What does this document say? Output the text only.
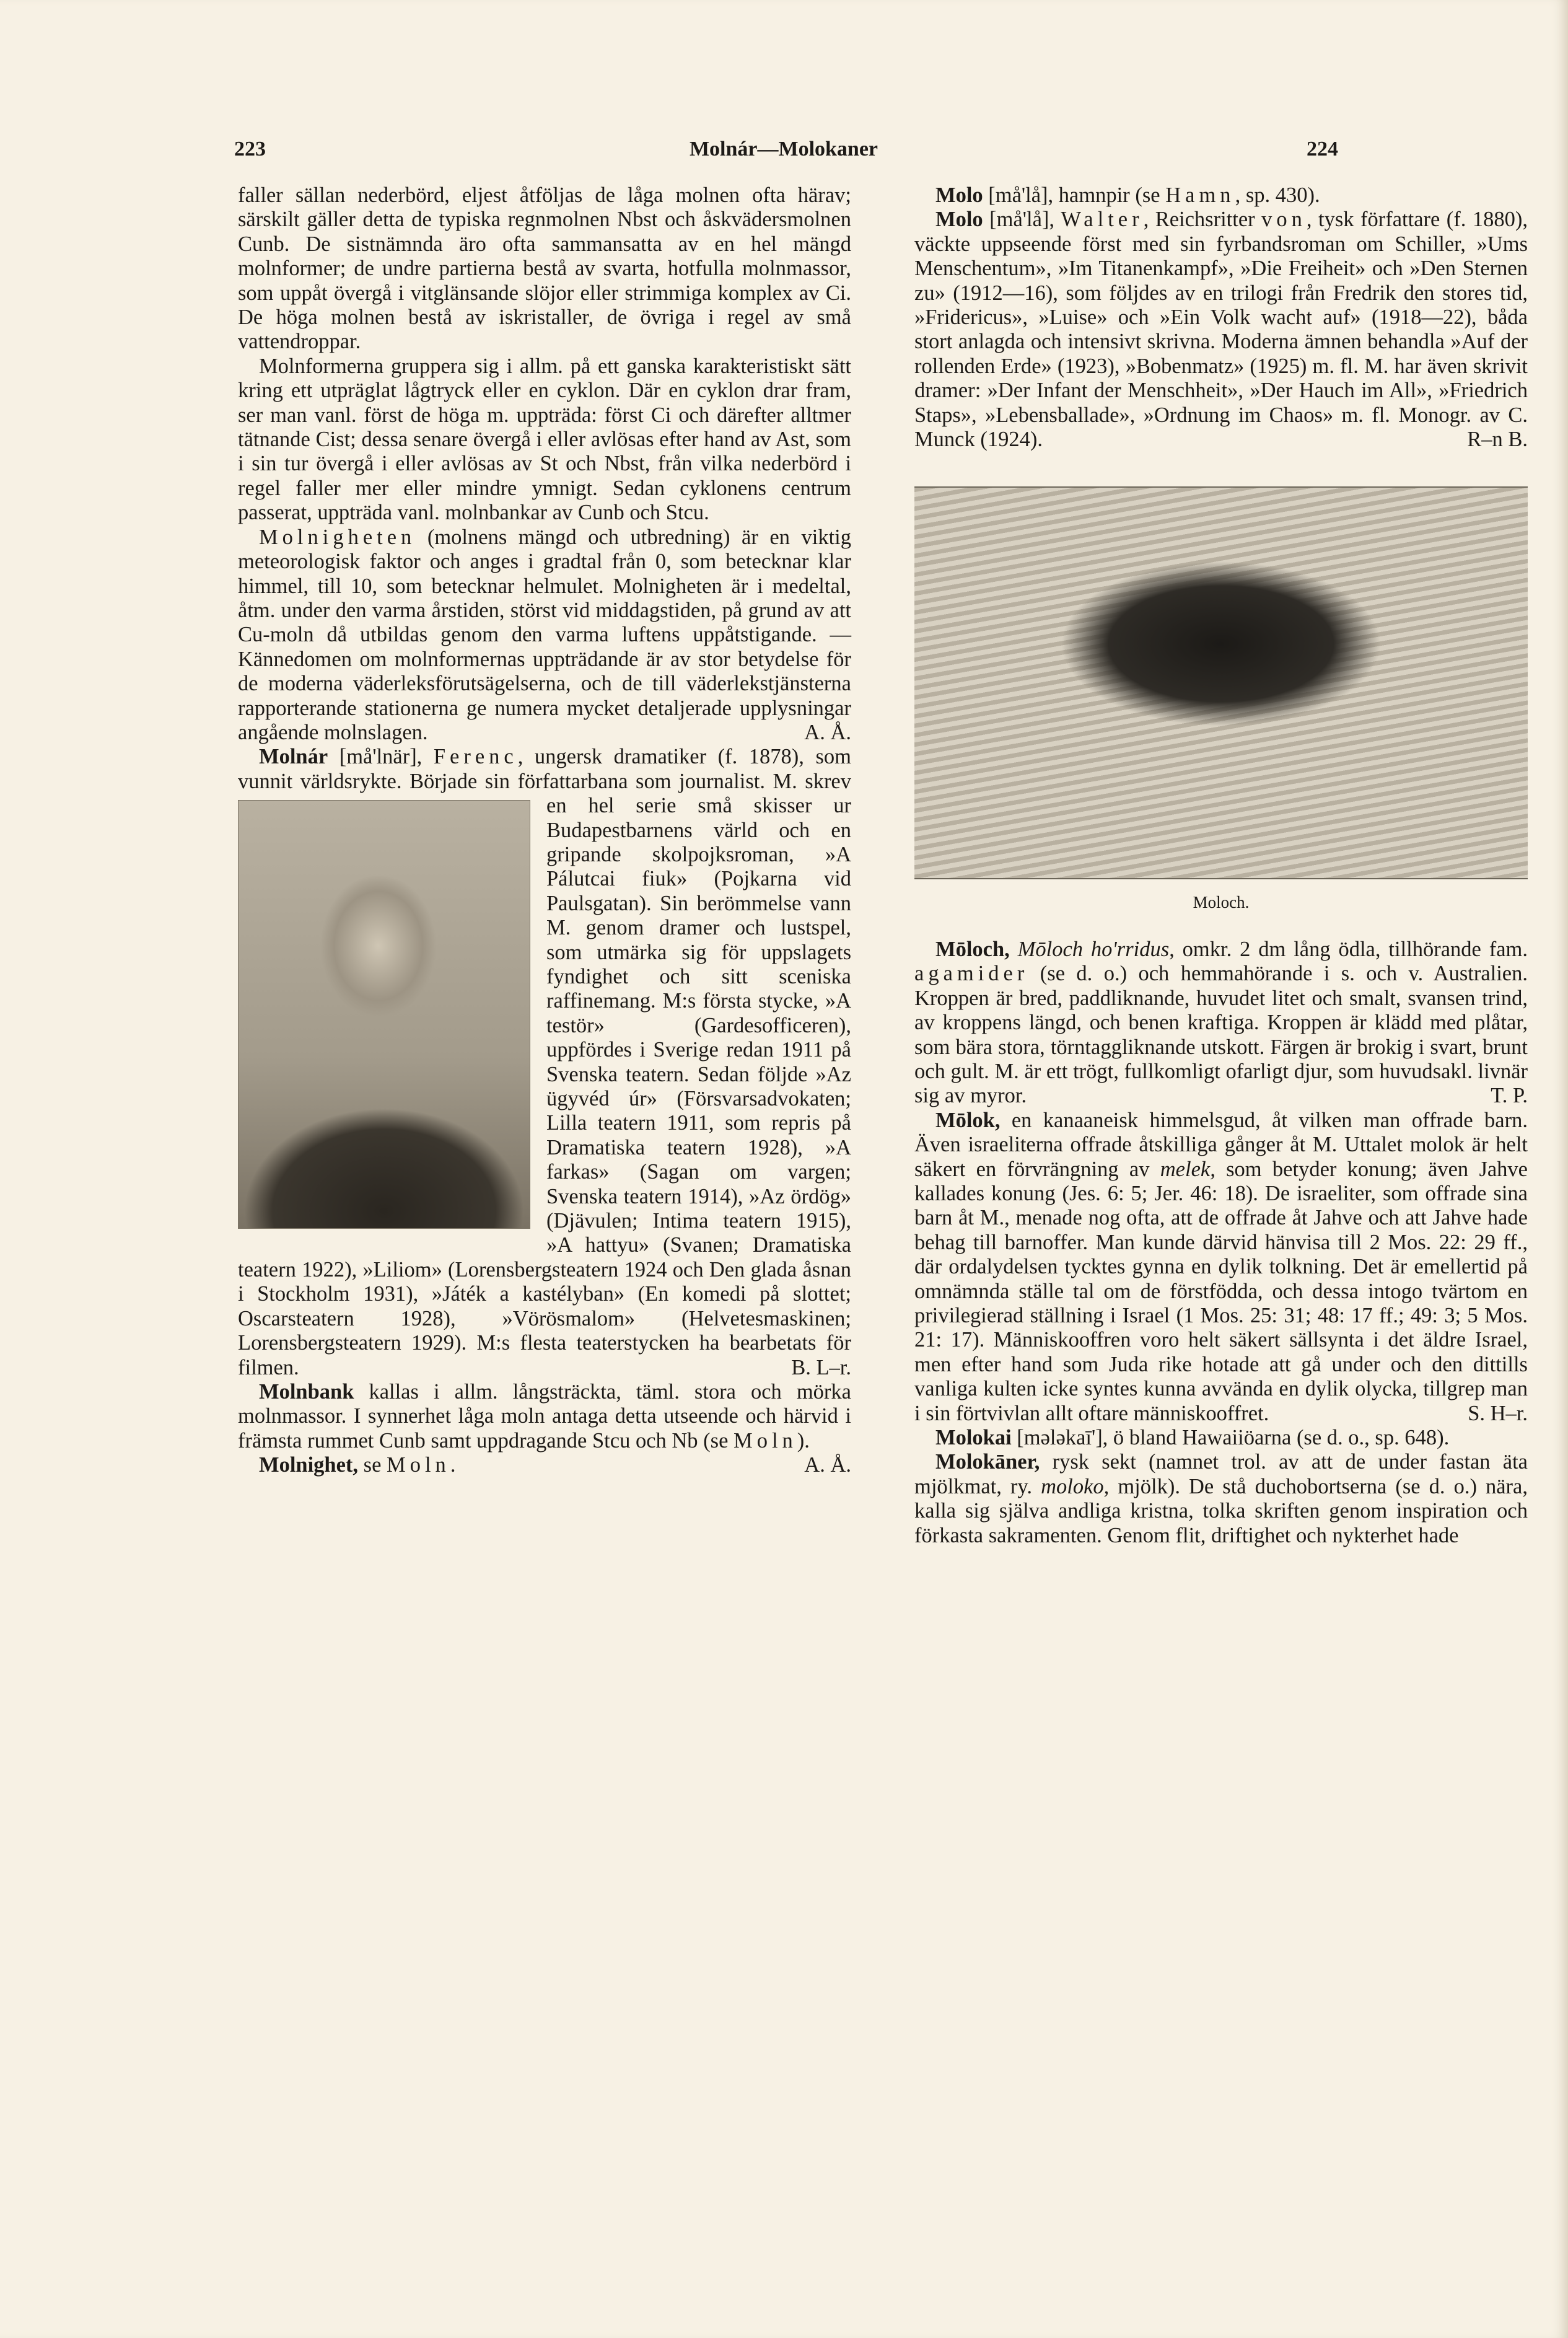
223	Molnár—Molokaner	224

faller sällan nederbörd, eljest åtföljas de låga molnen ofta härav; särskilt gäller detta de typiska regnmolnen Nbst och åskvädersmolnen Cunb. De sistnämnda äro ofta sammansatta av en hel mängd molnformer; de undre partierna bestå av svarta, hotfulla molnmassor, som uppåt övergå i vitglänsande slöjor eller strimmiga komplex av Ci. De höga molnen bestå av iskristaller, de övriga i regel av små vattendroppar.

Molnformerna gruppera sig i allm. på ett ganska karakteristiskt sätt kring ett utpräglat lågtryck eller en cyklon. Där en cyklon drar fram, ser man vanl. först de höga m. uppträda: först Ci och därefter alltmer tätnande Cist; dessa senare övergå i eller avlösas efter hand av Ast, som i sin tur övergå i eller avlösas av St och Nbst, från vilka nederbörd i regel faller mer eller mindre ymnigt. Sedan cyklonens centrum passerat, uppträda vanl. molnbankar av Cunb och Stcu.

Molnigheten (molnens mängd och utbredning) är en viktig meteorologisk faktor och anges i gradtal från 0, som betecknar klar himmel, till 10, som betecknar helmulet. Molnigheten är i medeltal, åtm. under den varma årstiden, störst vid middagstiden, på grund av att Cu-moln då utbildas genom den varma luftens uppåtstigande. — Kännedomen om molnformernas uppträdande är av stor betydelse för de moderna väderleksförutsägelserna, och de till väderlekstjänsterna rapporterande stationerna ge numera mycket detaljerade upplysningar angående molnslagen.	A. Å.

Molnár [må'lnär], Ferenc, ungersk dramatiker (f. 1878), som vunnit världsrykte. Började sin författarbana som journalist. M. skrev en hel serie små skisser ur
Budapestbarnens värld och en gripande skolpojksroman, »A Pálutcai fiuk» (Pojkarna vid Paulsgatan). Sin berömmelse vann M. genom dramer och lustspel, som utmärka sig för uppslagets fyndighet och sitt sceniska raffinemang. M:s första stycke, »A testör» (Gardesofficeren), uppfördes i Sverige redan 1911 på Svenska teatern. Sedan följde »Az ügyvéd úr» (Försvarsadvokaten; Lilla teatern 1911, som repris på Dramatiska teatern 1928), »A farkas» (Sagan om vargen; Svenska teatern 1914), »Az ördög» (Djävulen; Intima teatern 1915), »A hattyu» (Svanen; Dramatiska teatern 1922), »Liliom» (Lorensbergsteatern 1924 och Den glada åsnan i Stockholm 1931), »Játék a kastélyban» (En komedi på slottet; Oscarsteatern 1928), »Vörösmalom» (Helvetesmaskinen; Lorensbergsteatern 1929). M:s flesta teaterstycken ha bearbetats för filmen.	B. L–r.

Molnbank kallas i allm. långsträckta, täml. stora och mörka molnmassor. I synnerhet låga moln antaga detta utseende och härvid i främsta rummet Cunb samt uppdragande Stcu och Nb (se Moln).
A. Å.

Molnighet, se Moln.

Molo [må'lå], hamnpir (se Hamn, sp. 430).

Molo [må'lå], Walter, Reichsritter von, tysk författare (f. 1880), väckte uppseende först med sin fyrbandsroman om Schiller, »Ums Menschentum», »Im Titanenkampf», »Die Freiheit» och »Den Sternen zu» (1912—16), som följdes av en trilogi från Fredrik den stores tid, »Fridericus», »Luise» och »Ein Volk wacht auf» (1918—22), båda stort anlagda och intensivt skrivna. Moderna ämnen behandla »Auf der rollenden Erde» (1923), »Bobenmatz» (1925) m. fl. M. har även skrivit dramer: »Der Infant der Menschheit», »Der Hauch im All», »Friedrich Staps», »Lebensballade», »Ordnung im Chaos» m. fl. Monogr. av C. Munck (1924).	R–n B.

Moloch.

Mōloch, Mōloch ho'rridus, omkr. 2 dm lång ödla, tillhörande fam. agamider (se d. o.) och hemmahörande i s. och v. Australien. Kroppen är bred, paddliknande, huvudet litet och smalt, svansen trind, av kroppens längd, och benen kraftiga. Kroppen är klädd med plåtar, som bära stora, törntaggliknande utskott. Färgen är brokig i svart, brunt och gult. M. är ett trögt, fullkomligt ofarligt djur, som huvudsakl. livnär sig av myror.	T. P.

Mōlok, en kanaaneisk himmelsgud, åt vilken man offrade barn. Även israeliterna offrade åtskilliga gånger åt M. Uttalet molok är helt säkert en förvrängning av melek, som betyder konung; även Jahve kallades konung (Jes. 6: 5; Jer. 46: 18). De israeliter, som offrade sina barn åt M., menade nog ofta, att de offrade åt Jahve och att Jahve hade behag till barnoffer. Man kunde därvid hänvisa till 2 Mos. 22: 29 ff., där ordalydelsen tycktes gynna en dylik tolkning. Det är emellertid på omnämnda ställe tal om de förstfödda, och dessa intogo tvärtom en privilegierad ställning i Israel (1 Mos. 25: 31; 48: 17 ff.; 49: 3; 5 Mos. 21: 17). Människooffren voro helt säkert sällsynta i det äldre Israel, men efter hand som Juda rike hotade att gå under och den dittills vanliga kulten icke syntes kunna avvända en dylik olycka, tillgrep man i sin förtvivlan allt oftare människooffret.	S. H–r.

Molokai [mələkaī'], ö bland Hawaiiöarna (se d. o., sp. 648).

Molokāner, rysk sekt (namnet trol. av att de under fastan äta mjölkmat, ry. moloko, mjölk). De stå duchobortserna (se d. o.) nära, kalla sig själva andliga kristna, tolka skriften genom inspiration och förkasta sakramenten. Genom flit, driftighet och nykterhet hade
